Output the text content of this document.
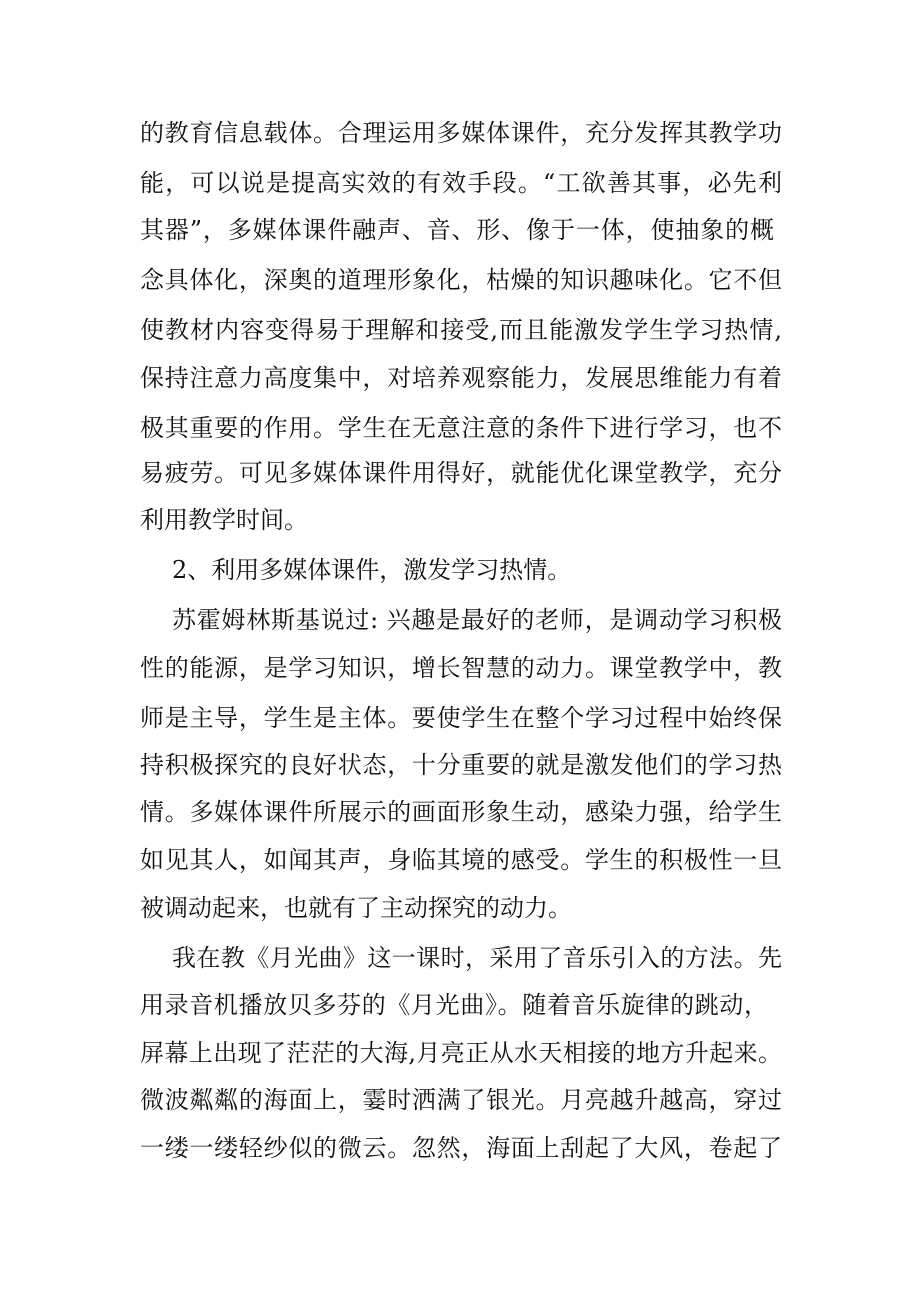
的教育信息载体。合理运用多媒体课件，充分发挥其教学功
能，可以说是提高实效的有效手段。“工欲善其事，必先利
其器”，多媒体课件融声、音、形、像于一体，使抽象的概
念具体化，深奥的道理形象化，枯燥的知识趣味化。它不但
使教材内容变得易于理解和接受,而且能激发学生学习热情,
保持注意力高度集中，对培养观察能力，发展思维能力有着
极其重要的作用。学生在无意注意的条件下进行学习，也不
易疲劳。可见多媒体课件用得好，就能优化课堂教学，充分
利用教学时间。
2、利用多媒体课件，激发学习热情。
苏霍姆林斯基说过: 兴趣是最好的老师，是调动学习积极
性的能源，是学习知识，增长智慧的动力。课堂教学中，教
师是主导，学生是主体。要使学生在整个学习过程中始终保
持积极探究的良好状态，十分重要的就是激发他们的学习热
情。多媒体课件所展示的画面形象生动，感染力强，给学生
如见其人，如闻其声，身临其境的感受。学生的积极性一旦
被调动起来，也就有了主动探究的动力。
我在教《月光曲》这一课时，采用了音乐引入的方法。先
用录音机播放贝多芬的《月光曲》。随着音乐旋律的跳动，
屏幕上出现了茫茫的大海,月亮正从水天相接的地方升起来。
微波粼粼的海面上，霎时洒满了银光。月亮越升越高，穿过
一缕一缕轻纱似的微云。忽然，海面上刮起了大风，卷起了
